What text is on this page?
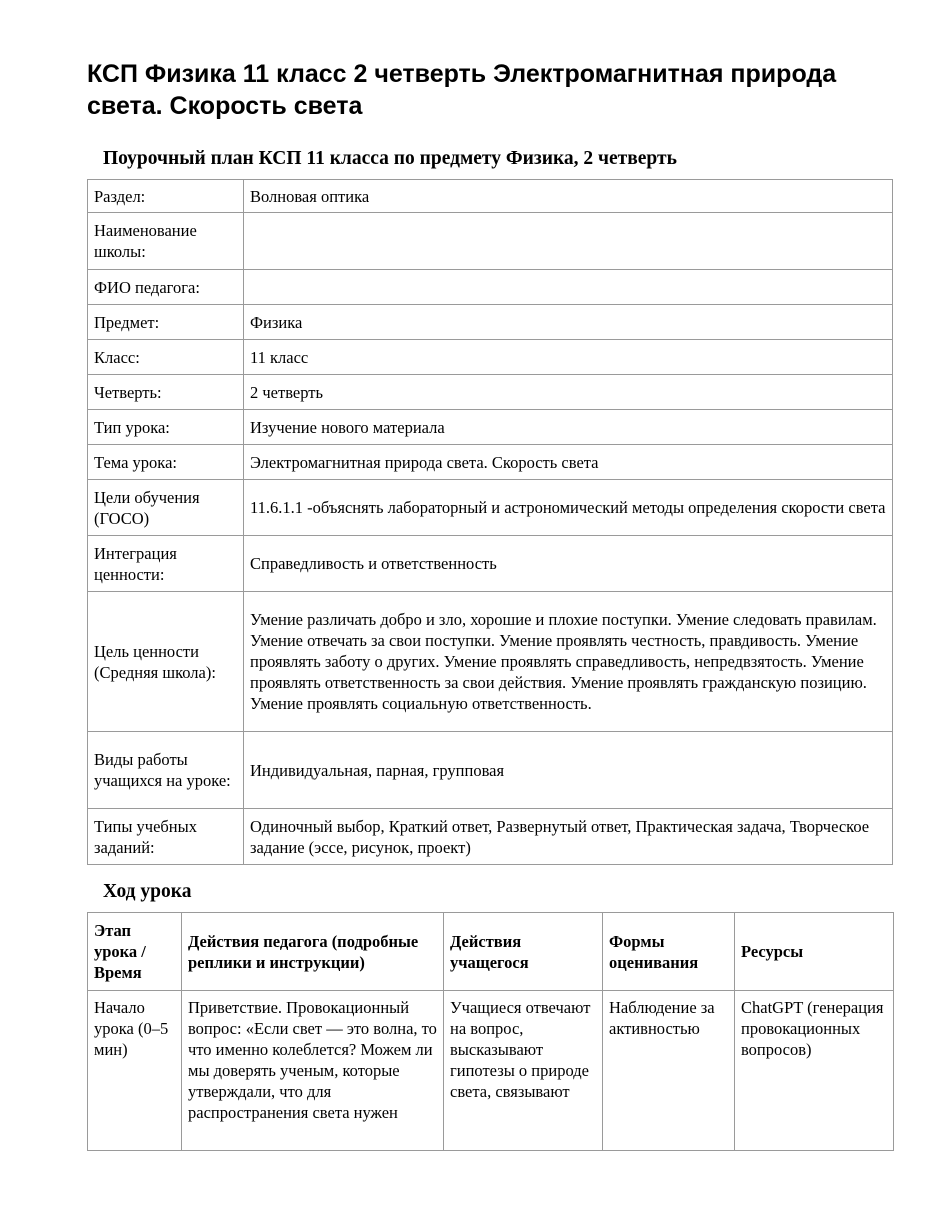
КСП Физика 11 класс 2 четверть Электромагнитная природа света. Скорость света
Поурочный план КСП 11 класса по предмету Физика, 2 четверть
Раздел:	Волновая оптика
Наименование школы:	
ФИО педагога:	
Предмет:	Физика
Класс:	11 класс
Четверть:	2 четверть
Тип урока:	Изучение нового материала
Тема урока:	Электромагнитная природа света. Скорость света
Цели обучения (ГОСО)	11.6.1.1 -объяснять лабораторный и астрономический методы определения скорости света
Интеграция ценности:	Справедливость и ответственность
Цель ценности (Средняя школа):	Умение различать добро и зло, хорошие и плохие поступки. Умение следовать правилам. Умение отвечать за свои поступки. Умение проявлять честность, правдивость. Умение проявлять заботу о других. Умение проявлять справедливость, непредвзятость. Умение проявлять ответственность за свои действия. Умение проявлять гражданскую позицию. Умение проявлять социальную ответственность.
Виды работы учащихся на уроке:	Индивидуальная, парная, групповая
Типы учебных заданий:	Одиночный выбор, Краткий ответ, Развернутый ответ, Практическая задача, Творческое задание (эссе, рисунок, проект)
Ход урока
Этап урока / Время	Действия педагога (подробные реплики и инструкции)	Действия учащегося	Формы оценивания	Ресурсы
Начало урока (0–5 мин)	Приветствие. Провокационный вопрос: «Если свет — это волна, то что именно колеблется? Можем ли мы доверять ученым, которые утверждали, что для распространения света нужен	Учащиеся отвечают на вопрос, высказывают гипотезы о природе света, связывают	Наблюдение за активностью	ChatGPT (генерация провокационных вопросов)
